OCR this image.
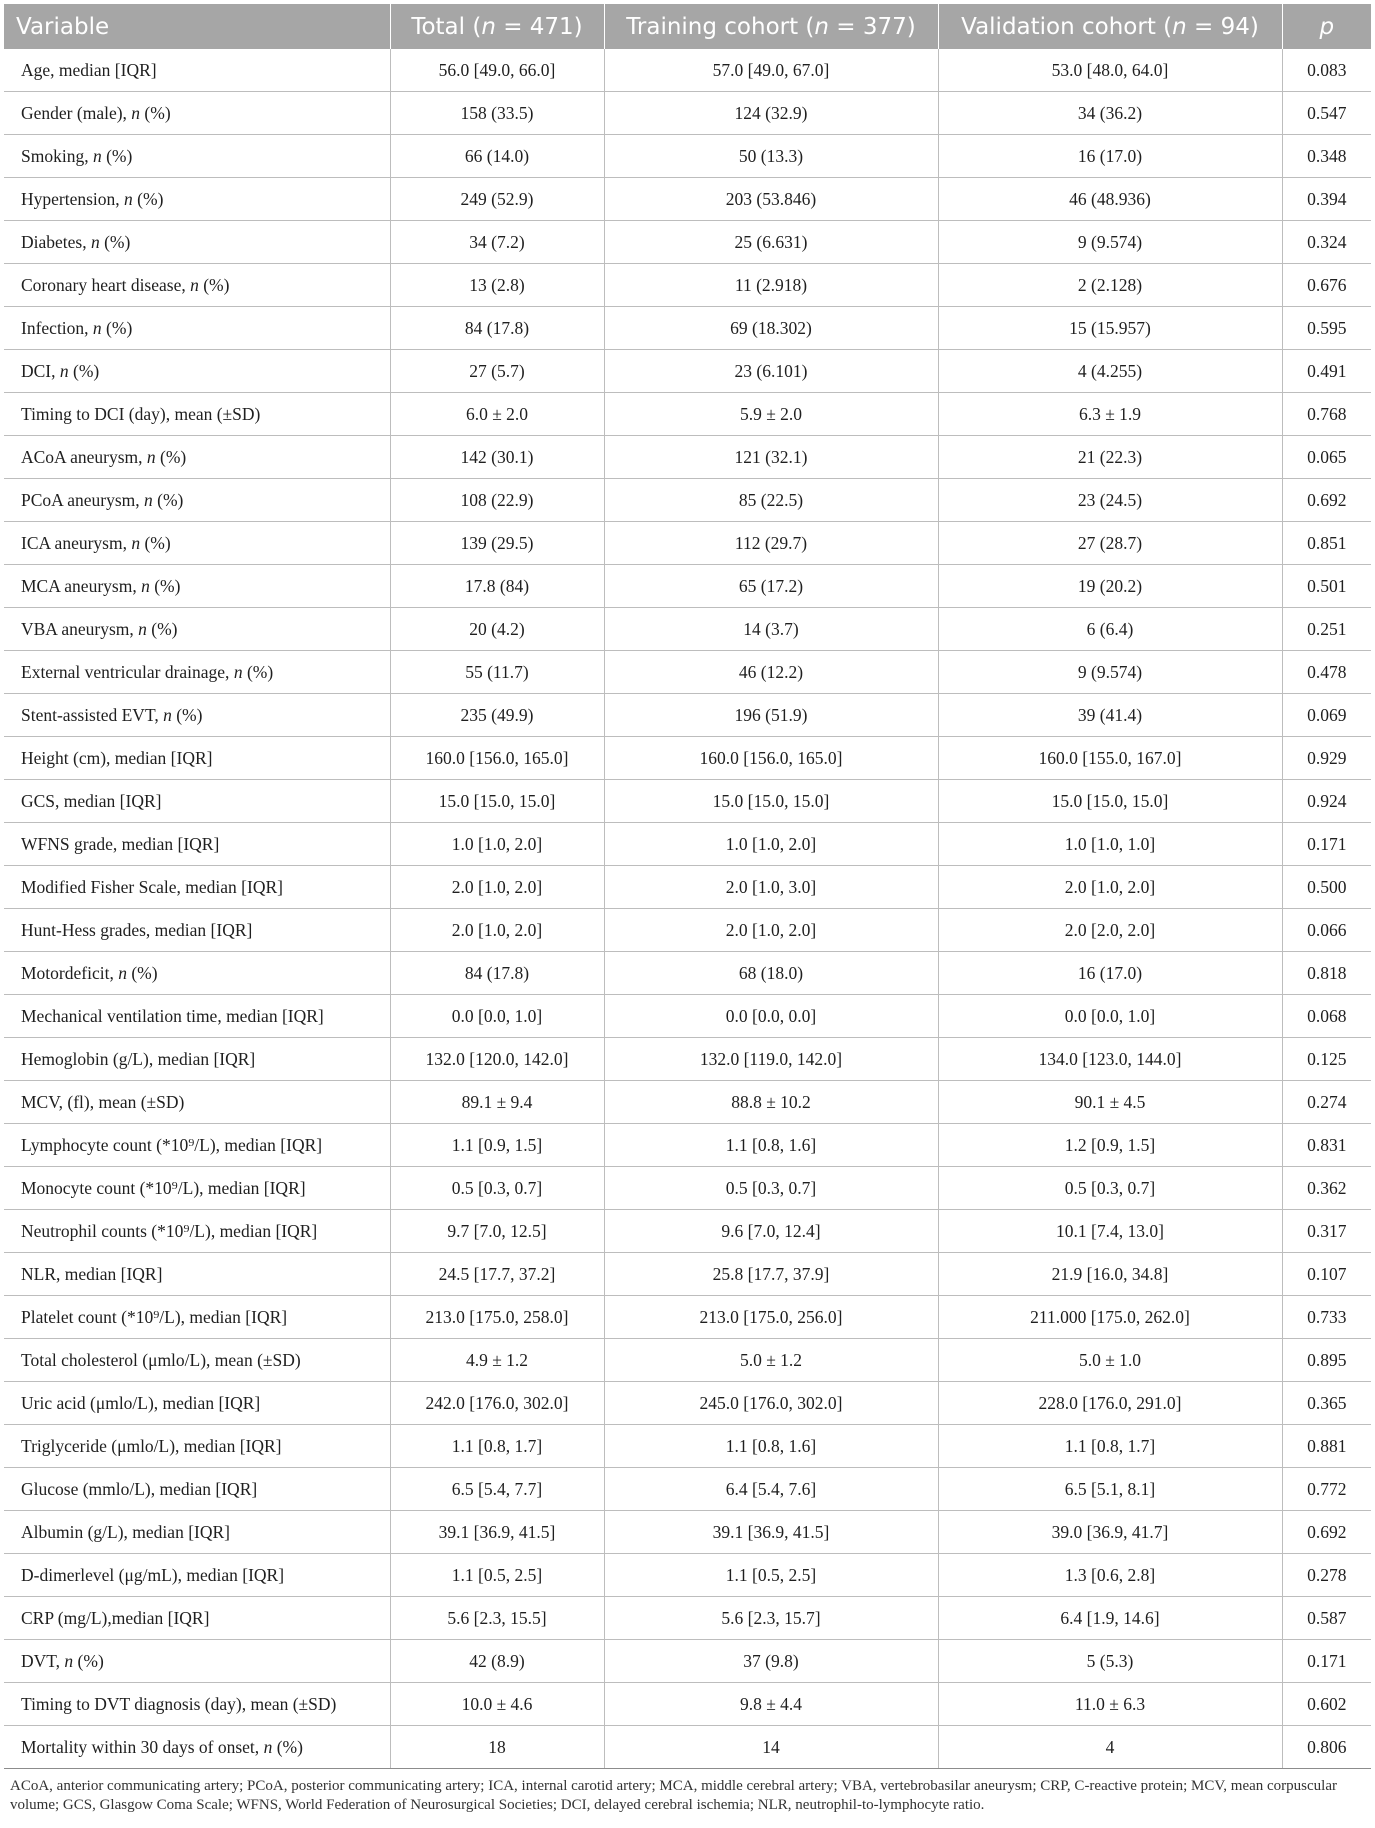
Variable	Total (n = 471)	Training cohort (n = 377)	Validation cohort (n = 94)	p
Age, median [IQR]	56.0 [49.0, 66.0]	57.0 [49.0, 67.0]	53.0 [48.0, 64.0]	0.083
Gender (male), n (%)	158 (33.5)	124 (32.9)	34 (36.2)	0.547
Smoking, n (%)	66 (14.0)	50 (13.3)	16 (17.0)	0.348
Hypertension, n (%)	249 (52.9)	203 (53.846)	46 (48.936)	0.394
Diabetes, n (%)	34 (7.2)	25 (6.631)	9 (9.574)	0.324
Coronary heart disease, n (%)	13 (2.8)	11 (2.918)	2 (2.128)	0.676
Infection, n (%)	84 (17.8)	69 (18.302)	15 (15.957)	0.595
DCI, n (%)	27 (5.7)	23 (6.101)	4 (4.255)	0.491
Timing to DCI (day), mean (±SD)	6.0 ± 2.0	5.9 ± 2.0	6.3 ± 1.9	0.768
ACoA aneurysm, n (%)	142 (30.1)	121 (32.1)	21 (22.3)	0.065
PCoA aneurysm, n (%)	108 (22.9)	85 (22.5)	23 (24.5)	0.692
ICA aneurysm, n (%)	139 (29.5)	112 (29.7)	27 (28.7)	0.851
MCA aneurysm, n (%)	17.8 (84)	65 (17.2)	19 (20.2)	0.501
VBA aneurysm, n (%)	20 (4.2)	14 (3.7)	6 (6.4)	0.251
External ventricular drainage, n (%)	55 (11.7)	46 (12.2)	9 (9.574)	0.478
Stent-assisted EVT, n (%)	235 (49.9)	196 (51.9)	39 (41.4)	0.069
Height (cm), median [IQR]	160.0 [156.0, 165.0]	160.0 [156.0, 165.0]	160.0 [155.0, 167.0]	0.929
GCS, median [IQR]	15.0 [15.0, 15.0]	15.0 [15.0, 15.0]	15.0 [15.0, 15.0]	0.924
WFNS grade, median [IQR]	1.0 [1.0, 2.0]	1.0 [1.0, 2.0]	1.0 [1.0, 1.0]	0.171
Modified Fisher Scale, median [IQR]	2.0 [1.0, 2.0]	2.0 [1.0, 3.0]	2.0 [1.0, 2.0]	0.500
Hunt-Hess grades, median [IQR]	2.0 [1.0, 2.0]	2.0 [1.0, 2.0]	2.0 [2.0, 2.0]	0.066
Motordeficit, n (%)	84 (17.8)	68 (18.0)	16 (17.0)	0.818
Mechanical ventilation time, median [IQR]	0.0 [0.0, 1.0]	0.0 [0.0, 0.0]	0.0 [0.0, 1.0]	0.068
Hemoglobin (g/L), median [IQR]	132.0 [120.0, 142.0]	132.0 [119.0, 142.0]	134.0 [123.0, 144.0]	0.125
MCV, (fl), mean (±SD)	89.1 ± 9.4	88.8 ± 10.2	90.1 ± 4.5	0.274
Lymphocyte count (*10⁹/L), median [IQR]	1.1 [0.9, 1.5]	1.1 [0.8, 1.6]	1.2 [0.9, 1.5]	0.831
Monocyte count (*10⁹/L), median [IQR]	0.5 [0.3, 0.7]	0.5 [0.3, 0.7]	0.5 [0.3, 0.7]	0.362
Neutrophil counts (*10⁹/L), median [IQR]	9.7 [7.0, 12.5]	9.6 [7.0, 12.4]	10.1 [7.4, 13.0]	0.317
NLR, median [IQR]	24.5 [17.7, 37.2]	25.8 [17.7, 37.9]	21.9 [16.0, 34.8]	0.107
Platelet count (*10⁹/L), median [IQR]	213.0 [175.0, 258.0]	213.0 [175.0, 256.0]	211.000 [175.0, 262.0]	0.733
Total cholesterol (μmlo/L), mean (±SD)	4.9 ± 1.2	5.0 ± 1.2	5.0 ± 1.0	0.895
Uric acid (μmlo/L), median [IQR]	242.0 [176.0, 302.0]	245.0 [176.0, 302.0]	228.0 [176.0, 291.0]	0.365
Triglyceride (μmlo/L), median [IQR]	1.1 [0.8, 1.7]	1.1 [0.8, 1.6]	1.1 [0.8, 1.7]	0.881
Glucose (mmlo/L), median [IQR]	6.5 [5.4, 7.7]	6.4 [5.4, 7.6]	6.5 [5.1, 8.1]	0.772
Albumin (g/L), median [IQR]	39.1 [36.9, 41.5]	39.1 [36.9, 41.5]	39.0 [36.9, 41.7]	0.692
D-dimerlevel (μg/mL), median [IQR]	1.1 [0.5, 2.5]	1.1 [0.5, 2.5]	1.3 [0.6, 2.8]	0.278
CRP (mg/L),median [IQR]	5.6 [2.3, 15.5]	5.6 [2.3, 15.7]	6.4 [1.9, 14.6]	0.587
DVT, n (%)	42 (8.9)	37 (9.8)	5 (5.3)	0.171
Timing to DVT diagnosis (day), mean (±SD)	10.0 ± 4.6	9.8 ± 4.4	11.0 ± 6.3	0.602
Mortality within 30 days of onset, n (%)	18	14	4	0.806
ACoA, anterior communicating artery; PCoA, posterior communicating artery; ICA, internal carotid artery; MCA, middle cerebral artery; VBA, vertebrobasilar aneurysm; CRP, C-reactive protein; MCV, mean corpuscular volume; GCS, Glasgow Coma Scale; WFNS, World Federation of Neurosurgical Societies; DCI, delayed cerebral ischemia; NLR, neutrophil-to-lymphocyte ratio.
